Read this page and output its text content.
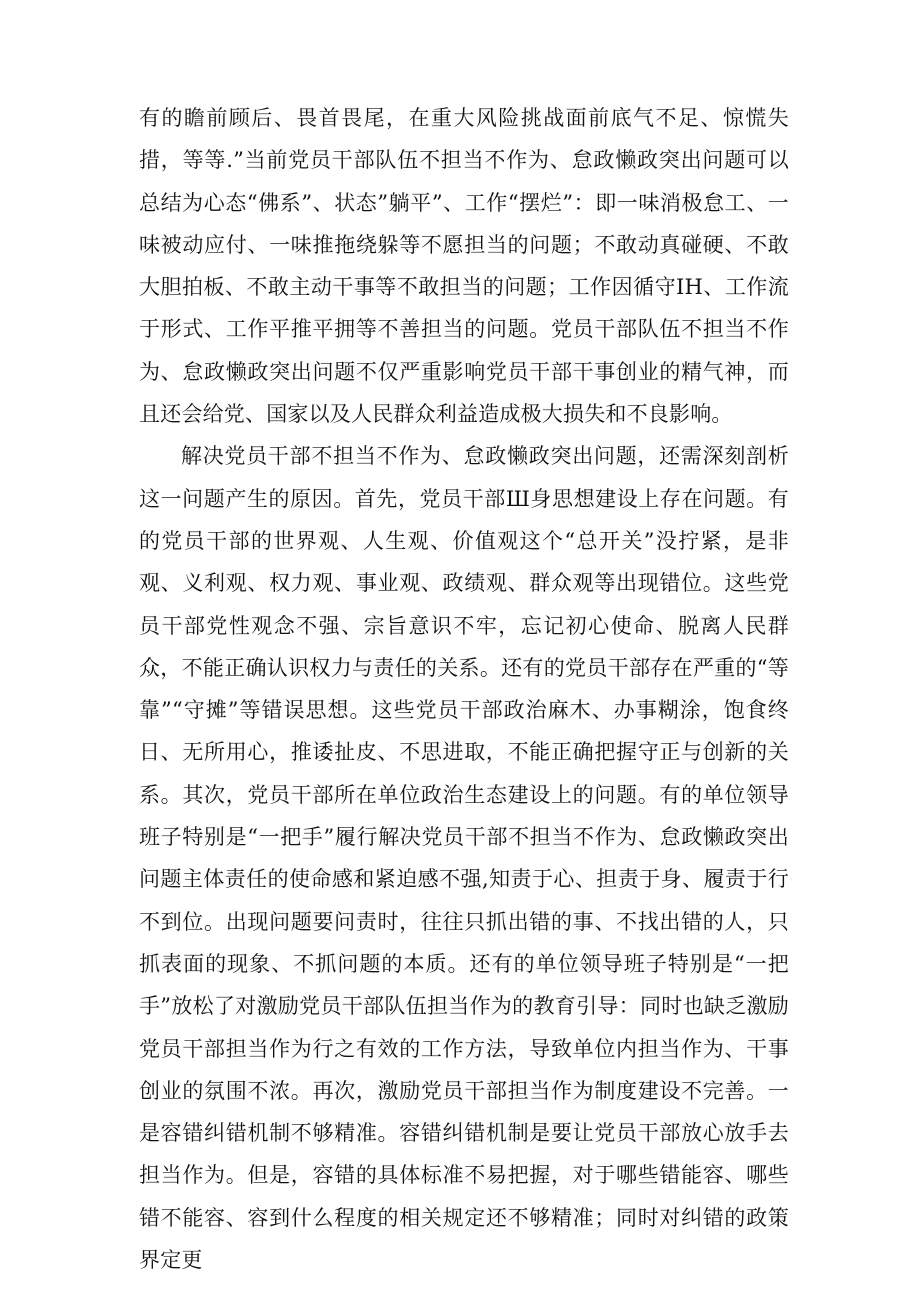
有的瞻前顾后、畏首畏尾，在重大风险挑战面前底气不足、惊慌失措，等等.”当前党员干部队伍不担当不作为、怠政懒政突出问题可以总结为心态“佛系”、状态”躺平”、工作“摆烂”：即一味消极怠工、一味被动应付、一味推拖绕躲等不愿担当的问题；不敢动真碰硬、不敢大胆拍板、不敢主动干事等不敢担当的问题；工作因循守IH、工作流于形式、工作平推平拥等不善担当的问题。党员干部队伍不担当不作为、怠政懒政突出问题不仅严重影响党员干部干事创业的精气神，而且还会给党、国家以及人民群众利益造成极大损失和不良影响。

解决党员干部不担当不作为、怠政懒政突出问题，还需深刻剖析这一问题产生的原因。首先，党员干部Ш身思想建设上存在问题。有的党员干部的世界观、人生观、价值观这个“总开关”没拧紧，是非观、义利观、权力观、事业观、政绩观、群众观等出现错位。这些党员干部党性观念不强、宗旨意识不牢，忘记初心使命、脱离人民群众，不能正确认识权力与责任的关系。还有的党员干部存在严重的“等靠”“守摊”等错误思想。这些党员干部政治麻木、办事糊涂，饱食终日、无所用心，推诿扯皮、不思进取，不能正确把握守正与创新的关系。其次，党员干部所在单位政治生态建设上的问题。有的单位领导班子特别是“一把手”履行解决党员干部不担当不作为、怠政懒政突出问题主体责任的使命感和紧迫感不强,知责于心、担责于身、履责于行不到位。出现问题要问责时，往往只抓出错的事、不找出错的人，只抓表面的现象、不抓问题的本质。还有的单位领导班子特别是“一把手”放松了对激励党员干部队伍担当作为的教育引导：同时也缺乏激励党员干部担当作为行之有效的工作方法，导致单位内担当作为、干事创业的氛围不浓。再次，激励党员干部担当作为制度建设不完善。一是容错纠错机制不够精准。容错纠错机制是要让党员干部放心放手去担当作为。但是，容错的具体标准不易把握，对于哪些错能容、哪些错不能容、容到什么程度的相关规定还不够精准；同时对纠错的政策界定更
